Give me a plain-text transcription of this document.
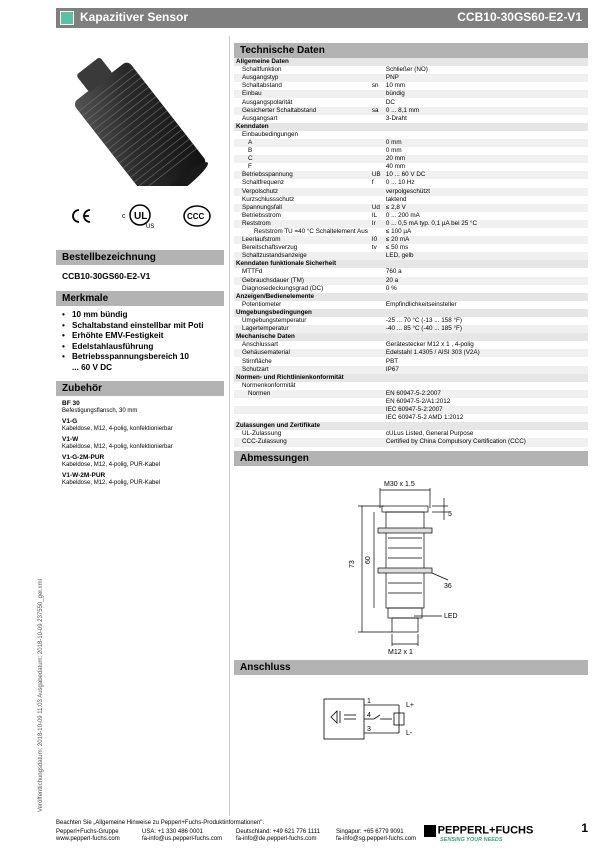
Kapazitiver Sensor	CCB10-30GS60-E2-V1
UL
c
US
CCC
Bestellbezeichnung
CCB10-30GS60-E2-V1
Merkmale
• 10 mm bündig
• Schaltabstand einstellbar mit Poti
• Erhöhte EMV-Festigkeit
• Edelstahlausführung
• Betriebsspannungsbereich 10 ... 60 V DC
Zubehör
BF 30
Befestigungsflansch, 30 mm
V1-G
Kabeldose, M12, 4-polig, konfektionierbar
V1-W
Kabeldose, M12, 4-polig, konfektionierbar
V1-G-2M-PUR
Kabeldose, M12, 4-polig, PUR-Kabel
V1-W-2M-PUR
Kabeldose, M12, 4-polig, PUR-Kabel
Veröffentlichungsdatum: 2018-10-09 11:03 Ausgabedatum: 2018-10-09 237550_ger.xml
Technische Daten
Allgemeine Daten		
Schaltfunktion		Schließer (NO)
Ausgangstyp		PNP
Schaltabstand	sn	10 mm
Einbau		bündig
Ausgangspolarität		DC
Gesicherter Schaltabstand	sa	0 ... 8,1 mm
Ausgangsart		3-Draht
Kenndaten		
Einbaubedingungen		
A		0 mm
B		0 mm
C		20 mm
F		40 mm
Betriebsspannung	UB	10 ... 60 V DC
Schaltfrequenz	f	0 ... 10 Hz
Verpolschutz		verpolgeschützt
Kurzschlussschutz		taktend
Spannungsfall	Ud	≤ 2,8 V
Betriebsstrom	IL	0 ... 200 mA
Reststrom	Ir	0 ... 0,5 mA typ. 0,1 µA bei 25 °C
Reststrom TU =40 °C Schaltelement Aus		≤ 100 µA
Leerlaufstrom	I0	≤ 20 mA
Bereitschaftsverzug	tv	≤ 50 ms
Schaltzustandsanzeige		LED, gelb
Kenndaten funktionale Sicherheit		
MTTFd		760 a
Gebrauchsdauer (TM)		20 a
Diagnosedeckungsgrad (DC)		0 %
Anzeigen/Bedienelemente		
Potentiometer		Empfindlichkeitseinsteller
Umgebungsbedingungen		
Umgebungstemperatur		-25 ... 70 °C (-13 ... 158 °F)
Lagertemperatur		-40 ... 85 °C (-40 ... 185 °F)
Mechanische Daten		
Anschlussart		Gerätestecker M12 x 1 , 4-polig
Gehäusematerial		Edelstahl 1.4305 / AISI 303 (V2A)
Stirnfläche		PBT
Schutzart		IP67
Normen- und Richtlinienkonformität		
Normenkonformität		
Normen		EN 60947-5-2:2007
		EN 60947-5-2/A1:2012
		IEC 60947-5-2:2007
		IEC 60947-5-2 AMD 1:2012
Zulassungen und Zertifikate		
UL-Zulassung		cULus Listed, General Purpose
CCC-Zulassung		Certified by China Compulsory Certification (CCC)
Abmessungen
M30 x 1.5
73
60
5
36
LED
M12 x 1
Anschluss
1
4
3
L+
L-
Beachten Sie „Allgemeine Hinweise zu Pepperl+Fuchs-Produktinformationen".
Pepperl+Fuchs-Gruppe
www.pepperl-fuchs.com
USA: +1 330 486 0001
fa-info@us.pepperl-fuchs.com
Deutschland: +49 621 776 1111
fa-info@de.pepperl-fuchs.com
Singapur: +65 6779 9091
fa-info@sg.pepperl-fuchs.com
PEPPERL+FUCHS
SENSING YOUR NEEDS
1
